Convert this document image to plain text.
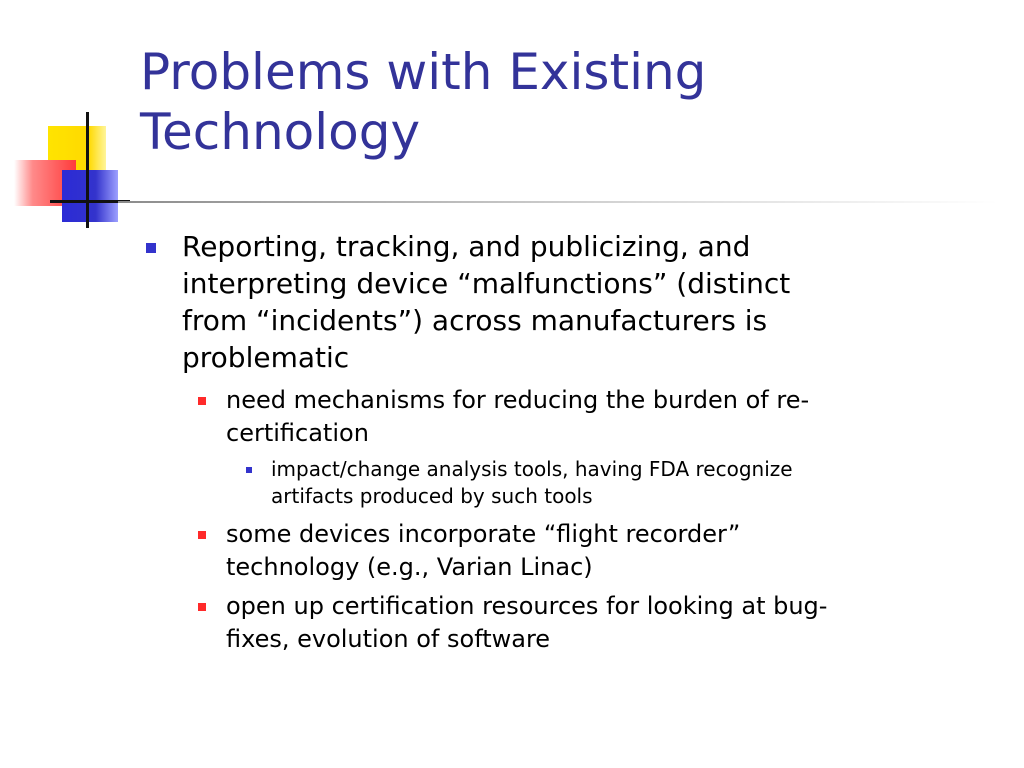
Problems with Existing
Technology
Reporting, tracking, and publicizing, and
interpreting device “malfunctions” (distinct
from “incidents”) across manufacturers is
problematic
need mechanisms for reducing the burden of re-
certification
impact/change analysis tools, having FDA recognize
artifacts produced by such tools
some devices incorporate “flight recorder”
technology (e.g., Varian Linac)
open up certification resources for looking at bug-
fixes, evolution of software
